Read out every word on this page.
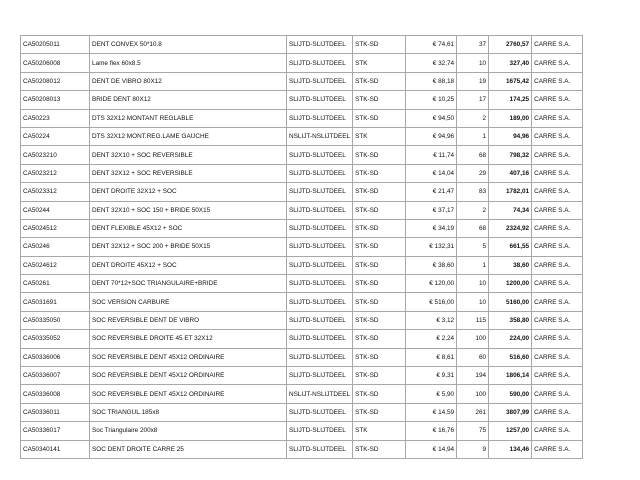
CA50205011	DENT CONVEX 50*10.8	SLIJTD-SLIJTDEEL	STK-SD	€ 74,61	37	2760,57	CARRE S.A.
CA50206008	Lame flex 60x8.5	SLIJTD-SLIJTDEEL	STK	€ 32,74	10	327,40	CARRE S.A.
CA50208012	DENT DE VIBRO 80X12	SLIJTD-SLIJTDEEL	STK-SD	€ 88,18	19	1675,42	CARRE S.A.
CA50208013	BRIDE DENT 80X12	SLIJTD-SLIJTDEEL	STK-SD	€ 10,25	17	174,25	CARRE S.A.
CA50223	DTS 32X12 MONTANT REGLABLE	SLIJTD-SLIJTDEEL	STK-SD	€ 94,50	2	189,00	CARRE S.A.
CA50224	DTS 32X12 MONT.REG.LAME GAUCHE	NSLIJT-NSLIJTDEEL	STK	€ 94,96	1	94,96	CARRE S.A.
CA5023210	DENT 32X10 + SOC REVERSIBLE	SLIJTD-SLIJTDEEL	STK-SD	€ 11,74	68	798,32	CARRE S.A.
CA5023212	DENT 32X12 + SOC REVERSIBLE	SLIJTD-SLIJTDEEL	STK-SD	€ 14,04	29	407,16	CARRE S.A.
CA5023312	DENT DROITE 32X12 + SOC	SLIJTD-SLIJTDEEL	STK-SD	€ 21,47	83	1782,01	CARRE S.A.
CA50244	DENT 32X10 + SOC 150 + BRIDE 50X15	SLIJTD-SLIJTDEEL	STK-SD	€ 37,17	2	74,34	CARRE S.A.
CA5024512	DENT FLEXIBLE 45X12 + SOC	SLIJTD-SLIJTDEEL	STK-SD	€ 34,19	68	2324,92	CARRE S.A.
CA50246	DENT 32X12 + SOC 200 + BRIDE 50X15	SLIJTD-SLIJTDEEL	STK-SD	€ 132,31	5	661,55	CARRE S.A.
CA5024612	DENT DROITE 45X12 + SOC	SLIJTD-SLIJTDEEL	STK-SD	€ 38,60	1	38,60	CARRE S.A.
CA50261	DENT 70*12+SOC TRIANGULAIRE+BRIDE	SLIJTD-SLIJTDEEL	STK-SD	€ 120,00	10	1200,00	CARRE S.A.
CA5031691	SOC VERSION CARBURE	SLIJTD-SLIJTDEEL	STK-SD	€ 516,00	10	5160,00	CARRE S.A.
CA50335050	SOC REVERSIBLE DENT DE VIBRO	SLIJTD-SLIJTDEEL	STK-SD	€ 3,12	115	358,80	CARRE S.A.
CA50335052	SOC REVERSIBLE DROITE 45 ET 32X12	SLIJTD-SLIJTDEEL	STK-SD	€ 2,24	100	224,00	CARRE S.A.
CA50336006	SOC REVERSIBLE DENT 45X12 ORDINAIRE	SLIJTD-SLIJTDEEL	STK-SD	€ 8,61	60	516,60	CARRE S.A.
CA50336007	SOC REVERSIBLE DENT 45X12 ORDINAIRE	SLIJTD-SLIJTDEEL	STK-SD	€ 9,31	194	1806,14	CARRE S.A.
CA50336008	SOC REVERSIBLE DENT 45X12 ORDINAIRE	NSLIJT-NSLIJTDEEL	STK-SD	€ 5,90	100	590,00	CARRE S.A.
CA50336011	SOC TRIANGUL.185x8	SLIJTD-SLIJTDEEL	STK-SD	€ 14,59	261	3807,99	CARRE S.A.
CA50336017	Soc Triangulaire 200x8	SLIJTD-SLIJTDEEL	STK	€ 16,76	75	1257,00	CARRE S.A.
CA50340141	SOC DENT DROITE CARRE 25	SLIJTD-SLIJTDEEL	STK-SD	€ 14,94	9	134,46	CARRE S.A.
